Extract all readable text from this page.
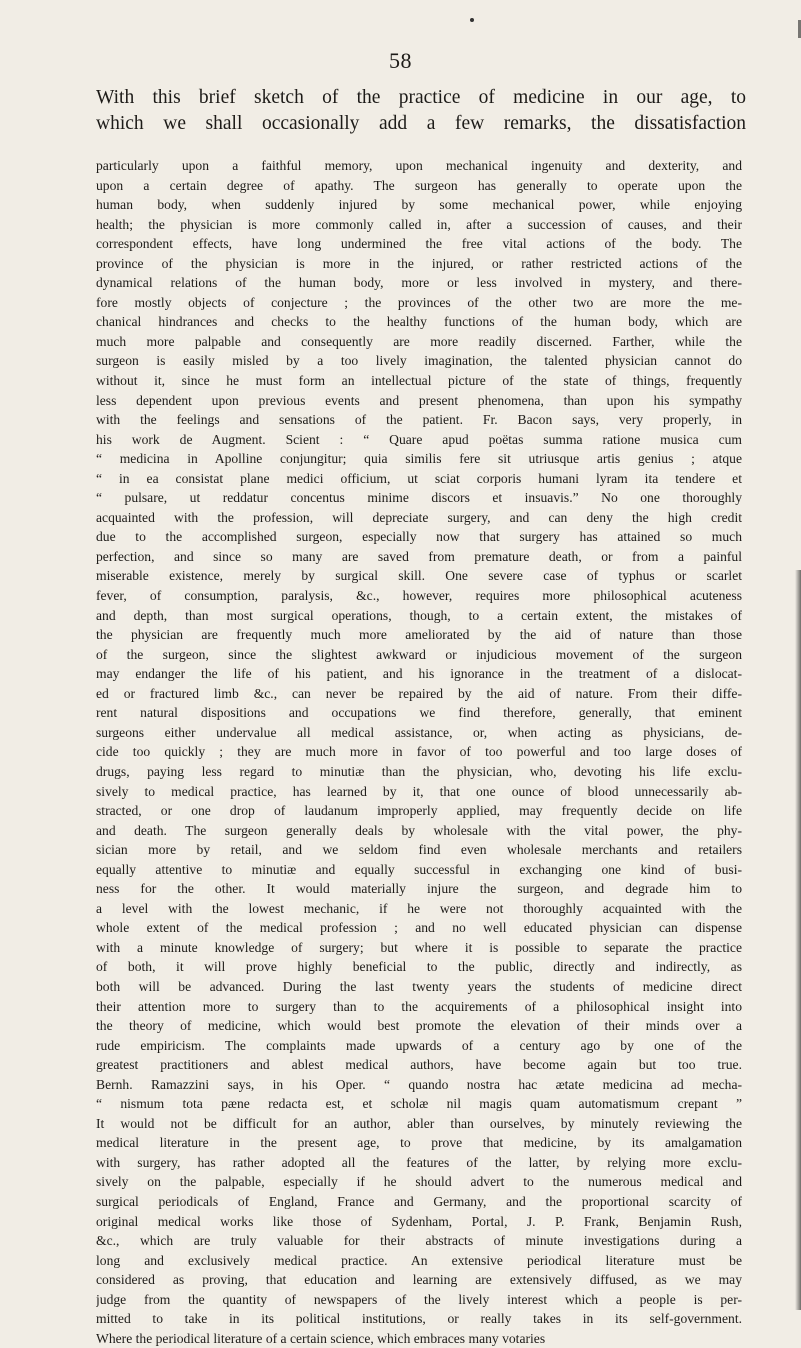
58
With this brief sketch of the practice of medicine in our age, to
which we shall occasionally add a few remarks, the dissatisfaction
particularly upon a faithful memory, upon mechanical ingenuity and dexterity, and
upon a certain degree of apathy. The surgeon has generally to operate upon the
human body, when suddenly injured by some mechanical power, while enjoying
health; the physician is more commonly called in, after a succession of causes, and their
correspondent effects, have long undermined the free vital actions of the body. The
province of the physician is more in the injured, or rather restricted actions of the
dynamical relations of the human body, more or less involved in mystery, and there-
fore mostly objects of conjecture ; the provinces of the other two are more the me-
chanical hindrances and checks to the healthy functions of the human body, which are
much more palpable and consequently are more readily discerned. Farther, while the
surgeon is easily misled by a too lively imagination, the talented physician cannot do
without it, since he must form an intellectual picture of the state of things, frequently
less dependent upon previous events and present phenomena, than upon his sympathy
with the feelings and sensations of the patient. Fr. Bacon says, very properly, in
his work de Augment. Scient : “ Quare apud poëtas summa ratione musica cum
“ medicina in Apolline conjungitur; quia similis fere sit utriusque artis genius ; atque
“ in ea consistat plane medici officium, ut sciat corporis humani lyram ita tendere et
“ pulsare, ut reddatur concentus minime discors et insuavis.” No one thoroughly
acquainted with the profession, will depreciate surgery, and can deny the high credit
due to the accomplished surgeon, especially now that surgery has attained so much
perfection, and since so many are saved from premature death, or from a painful
miserable existence, merely by surgical skill. One severe case of typhus or scarlet
fever, of consumption, paralysis, &c., however, requires more philosophical acuteness
and depth, than most surgical operations, though, to a certain extent, the mistakes of
the physician are frequently much more ameliorated by the aid of nature than those
of the surgeon, since the slightest awkward or injudicious movement of the surgeon
may endanger the life of his patient, and his ignorance in the treatment of a dislocat-
ed or fractured limb &c., can never be repaired by the aid of nature. From their diffe-
rent natural dispositions and occupations we find therefore, generally, that eminent
surgeons either undervalue all medical assistance, or, when acting as physicians, de-
cide too quickly ; they are much more in favor of too powerful and too large doses of
drugs, paying less regard to minutiæ than the physician, who, devoting his life exclu-
sively to medical practice, has learned by it, that one ounce of blood unnecessarily ab-
stracted, or one drop of laudanum improperly applied, may frequently decide on life
and death. The surgeon generally deals by wholesale with the vital power, the phy-
sician more by retail, and we seldom find even wholesale merchants and retailers
equally attentive to minutiæ and equally successful in exchanging one kind of busi-
ness for the other. It would materially injure the surgeon, and degrade him to
a level with the lowest mechanic, if he were not thoroughly acquainted with the
whole extent of the medical profession ; and no well educated physician can dispense
with a minute knowledge of surgery; but where it is possible to separate the practice
of both, it will prove highly beneficial to the public, directly and indirectly, as
both will be advanced. During the last twenty years the students of medicine direct
their attention more to surgery than to the acquirements of a philosophical insight into
the theory of medicine, which would best promote the elevation of their minds over a
rude empiricism. The complaints made upwards of a century ago by one of the
greatest practitioners and ablest medical authors, have become again but too true.
Bernh. Ramazzini says, in his Oper. “ quando nostra hac ætate medicina ad mecha-
“ nismum tota pæne redacta est, et scholæ nil magis quam automatismum crepant ”
It would not be difficult for an author, abler than ourselves, by minutely reviewing the
medical literature in the present age, to prove that medicine, by its amalgamation
with surgery, has rather adopted all the features of the latter, by relying more exclu-
sively on the palpable, especially if he should advert to the numerous medical and
surgical periodicals of England, France and Germany, and the proportional scarcity of
original medical works like those of Sydenham, Portal, J. P. Frank, Benjamin Rush,
&c., which are truly valuable for their abstracts of minute investigations during a
long and exclusively medical practice. An extensive periodical literature must be
considered as proving, that education and learning are extensively diffused, as we may
judge from the quantity of newspapers of the lively interest which a people is per-
mitted to take in its political institutions, or really takes in its self-government.
Where the periodical literature of a certain science, which embraces many votaries
